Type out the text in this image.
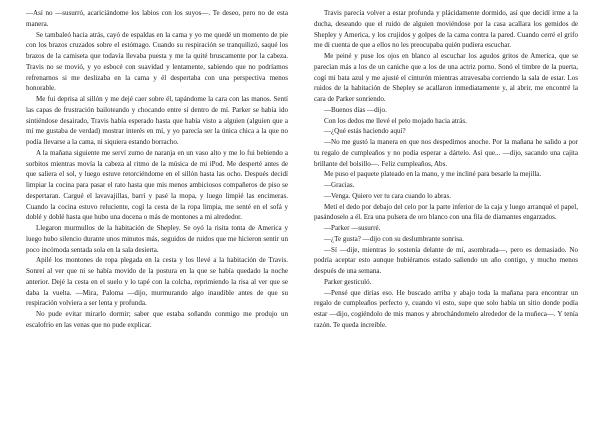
—Así no —susurró, acariciándome los labios con los suyos—. Te deseo, pero no de esta manera.

Se tambaleó hacia atrás, cayó de espaldas en la cama y yo me quedé un momento de pie con los brazos cruzados sobre el estómago. Cuando su respiración se tranquilizó, saqué los brazos de la camiseta que todavía llevaba puesta y me la quité bruscamente por la cabeza. Travis no se movió, y yo esbocé con suavidad y lentamente, sabiendo que no podríamos refrenarnos si me deslizaba en la cama y él despertaba con una perspectiva menos honorable.

Me fui deprisa al sillón y me dejé caer sobre él, tapándome la cara con las manos. Sentí las capas de frustración bailoteando y chocando entre sí dentro de mí. Parker se había ido sintiéndose desairado, Travis había esperado hasta que había visto a alguien (alguien que a mí me gustaba de verdad) mostrar interés en mí, y yo parecía ser la única chica a la que no podía llevarse a la cama, ni siquiera estando borracho.

A la mañana siguiente me serví zumo de naranja en un vaso alto y me lo fui bebiendo a sorbitos mientras movía la cabeza al ritmo de la música de mi iPod. Me desperté antes de que saliera el sol, y luego estuve retorciéndome en el sillón hasta las ocho. Después decidí limpiar la cocina para pasar el rato hasta que mis menos ambiciosos compañeros de piso se despertaran. Cargué el lavavajillas, barrí y pasé la mopa, y luego limpié las encimeras. Cuando la cocina estuvo reluciente, cogí la cesta de la ropa limpia, me senté en el sofá y doblé y doblé hasta que hubo una docena o más de montones a mi alrededor.

Llegaron murmullos de la habitación de Shepley. Se oyó la risita tonta de America y luego hubo silencio durante unos minutos más, seguidos de ruidos que me hicieron sentir un poco incómoda sentada sola en la sala desierta.

Apilé los montones de ropa plegada en la cesta y los llevé a la habitación de Travis. Sonreí al ver que ni se había movido de la postura en la que se había quedado la noche anterior. Dejé la cesta en el suelo y lo tapé con la colcha, reprimiendo la risa al ver que se daba la vuelta. —Mira, Paloma —dijo, murmurando algo inaudible antes de que su respiración volviera a ser lenta y profunda.

No pude evitar mirarlo dormir; saber que estaba soñando conmigo me produjo un escalofrío en las venas que no pude explicar.

Travis parecía volver a estar profunda y plácidamente dormido, así que decidí irme a la ducha, deseando que el ruido de alguien moviéndose por la casa acallara los gemidos de Shepley y America, y los crujidos y golpes de la cama contra la pared. Cuando cerré el grifo me di cuenta de que a ellos no les preocupaba quién pudiera escuchar.

Me peiné y puse los ojos en blanco al escuchar los agudos gritos de America, que se parecían más a los de un caniche que a los de una actriz porno. Sonó el timbre de la puerta, cogí mi bata azul y me ajusté el cinturón mientras atravesaba corriendo la sala de estar. Los ruidos de la habitación de Shepley se acallaron inmediatamente y, al abrir, me encontré la cara de Parker sonriendo.

—Buenos días —dijo.

Con los dedos me llevé el pelo mojado hacia atrás.

—¿Qué estás haciendo aquí?

—No me gustó la manera en que nos despedimos anoche. Por la mañana he salido a por tu regalo de cumpleaños y no podía esperar a dártelo. Así que... —dijo, sacando una cajita brillante del bolsillo—. Feliz cumpleaños, Abs.

Me puso el paquete plateado en la mano, y me incliné para besarle la mejilla.

—Gracias.

—Venga. Quiero ver tu cara cuando lo abras.

Metí el dedo por debajo del celo por la parte inferior de la caja y luego arranqué el papel, pasándoselo a él. Era una pulsera de oro blanco con una fila de diamantes engarzados.

—Parker —susurré.

—¿Te gusta? —dijo con su deslumbrante sonrisa.

—Sí —dije, mientras lo sostenía delante de mí, asombrada—, pero es demasiado. No podría aceptar esto aunque hubiéramos estado saliendo un año contigo, y mucho menos después de una semana.

Parker gesticuló.

—Pensé que dirías eso. He buscado arriba y abajo toda la mañana para encontrar un regalo de cumpleaños perfecto y, cuando vi esto, supe que solo había un sitio donde podía estar —dijo, cogiéndolo de mis manos y abrochándomelo alrededor de la muñeca—. Y tenía razón. Te queda increíble.
